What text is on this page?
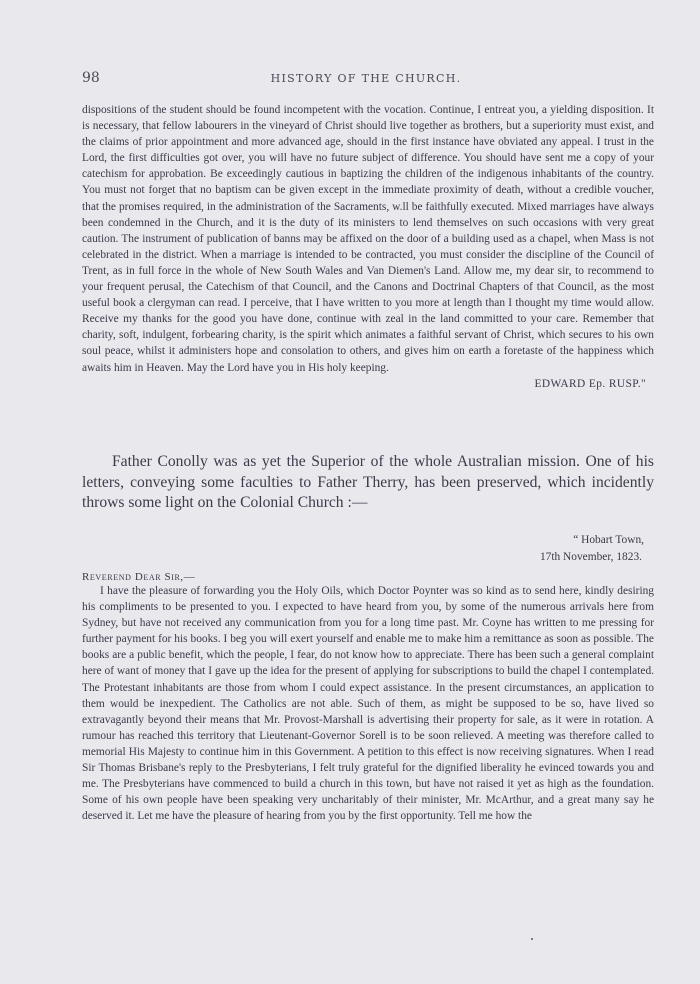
98	HISTORY OF THE CHURCH.

dispositions of the student should be found incompetent with the vocation. Continue, I entreat you, a yielding disposition. It is necessary, that fellow labourers in the vineyard of Christ should live together as brothers, but a superiority must exist, and the claims of prior appointment and more advanced age, should in the first instance have obviated any appeal. I trust in the Lord, the first difficulties got over, you will have no future subject of difference. You should have sent me a copy of your catechism for approbation. Be exceedingly cautious in baptizing the children of the indigenous inhabitants of the country. You must not forget that no baptism can be given except in the immediate proximity of death, without a credible voucher, that the promises required, in the administration of the Sacraments, w.ll be faithfully executed. Mixed marriages have always been condemned in the Church, and it is the duty of its ministers to lend themselves on such occasions with very great caution. The instrument of publication of banns may be affixed on the door of a building used as a chapel, when Mass is not celebrated in the district. When a marriage is intended to be contracted, you must consider the discipline of the Council of Trent, as in full force in the whole of New South Wales and Van Diemen's Land. Allow me, my dear sir, to recommend to your frequent perusal, the Catechism of that Council, and the Canons and Doctrinal Chapters of that Council, as the most useful book a clergyman can read. I perceive, that I have written to you more at length than I thought my time would allow. Receive my thanks for the good you have done, continue with zeal in the land committed to your care. Remember that charity, soft, indulgent, forbearing charity, is the spirit which animates a faithful servant of Christ, which secures to his own soul peace, whilst it administers hope and consolation to others, and gives him on earth a foretaste of the happiness which awaits him in Heaven. May the Lord have you in His holy keeping.

EDWARD Ep. RUSP."

Father Conolly was as yet the Superior of the whole Australian mission. One of his letters, conveying some faculties to Father Therry, has been preserved, which incidently throws some light on the Colonial Church :—

“ Hobart Town,
17th November, 1823.
Reverend Dear Sir,—

I have the pleasure of forwarding you the Holy Oils, which Doctor Poynter was so kind as to send here, kindly desiring his compliments to be presented to you. I expected to have heard from you, by some of the numerous arrivals here from Sydney, but have not received any communication from you for a long time past. Mr. Coyne has written to me pressing for further payment for his books. I beg you will exert yourself and enable me to make him a remittance as soon as possible. The books are a public benefit, which the people, I fear, do not know how to appreciate. There has been such a general complaint here of want of money that I gave up the idea for the present of applying for subscriptions to build the chapel I contemplated. The Protestant inhabitants are those from whom I could expect assistance. In the present circumstances, an application to them would be inexpedient. The Catholics are not able. Such of them, as might be supposed to be so, have lived so extravagantly beyond their means that Mr. Provost-Marshall is advertising their property for sale, as it were in rotation. A rumour has reached this territory that Lieutenant-Governor Sorell is to be soon relieved. A meeting was therefore called to memorial His Majesty to continue him in this Government. A petition to this effect is now receiving signatures. When I read Sir Thomas Brisbane's reply to the Presbyterians, I felt truly grateful for the dignified liberality he evinced towards you and me. The Presbyterians have commenced to build a church in this town, but have not raised it yet as high as the foundation. Some of his own people have been speaking very uncharitably of their minister, Mr. McArthur, and a great many say he deserved it. Let me have the pleasure of hearing from you by the first opportunity. Tell me how the
